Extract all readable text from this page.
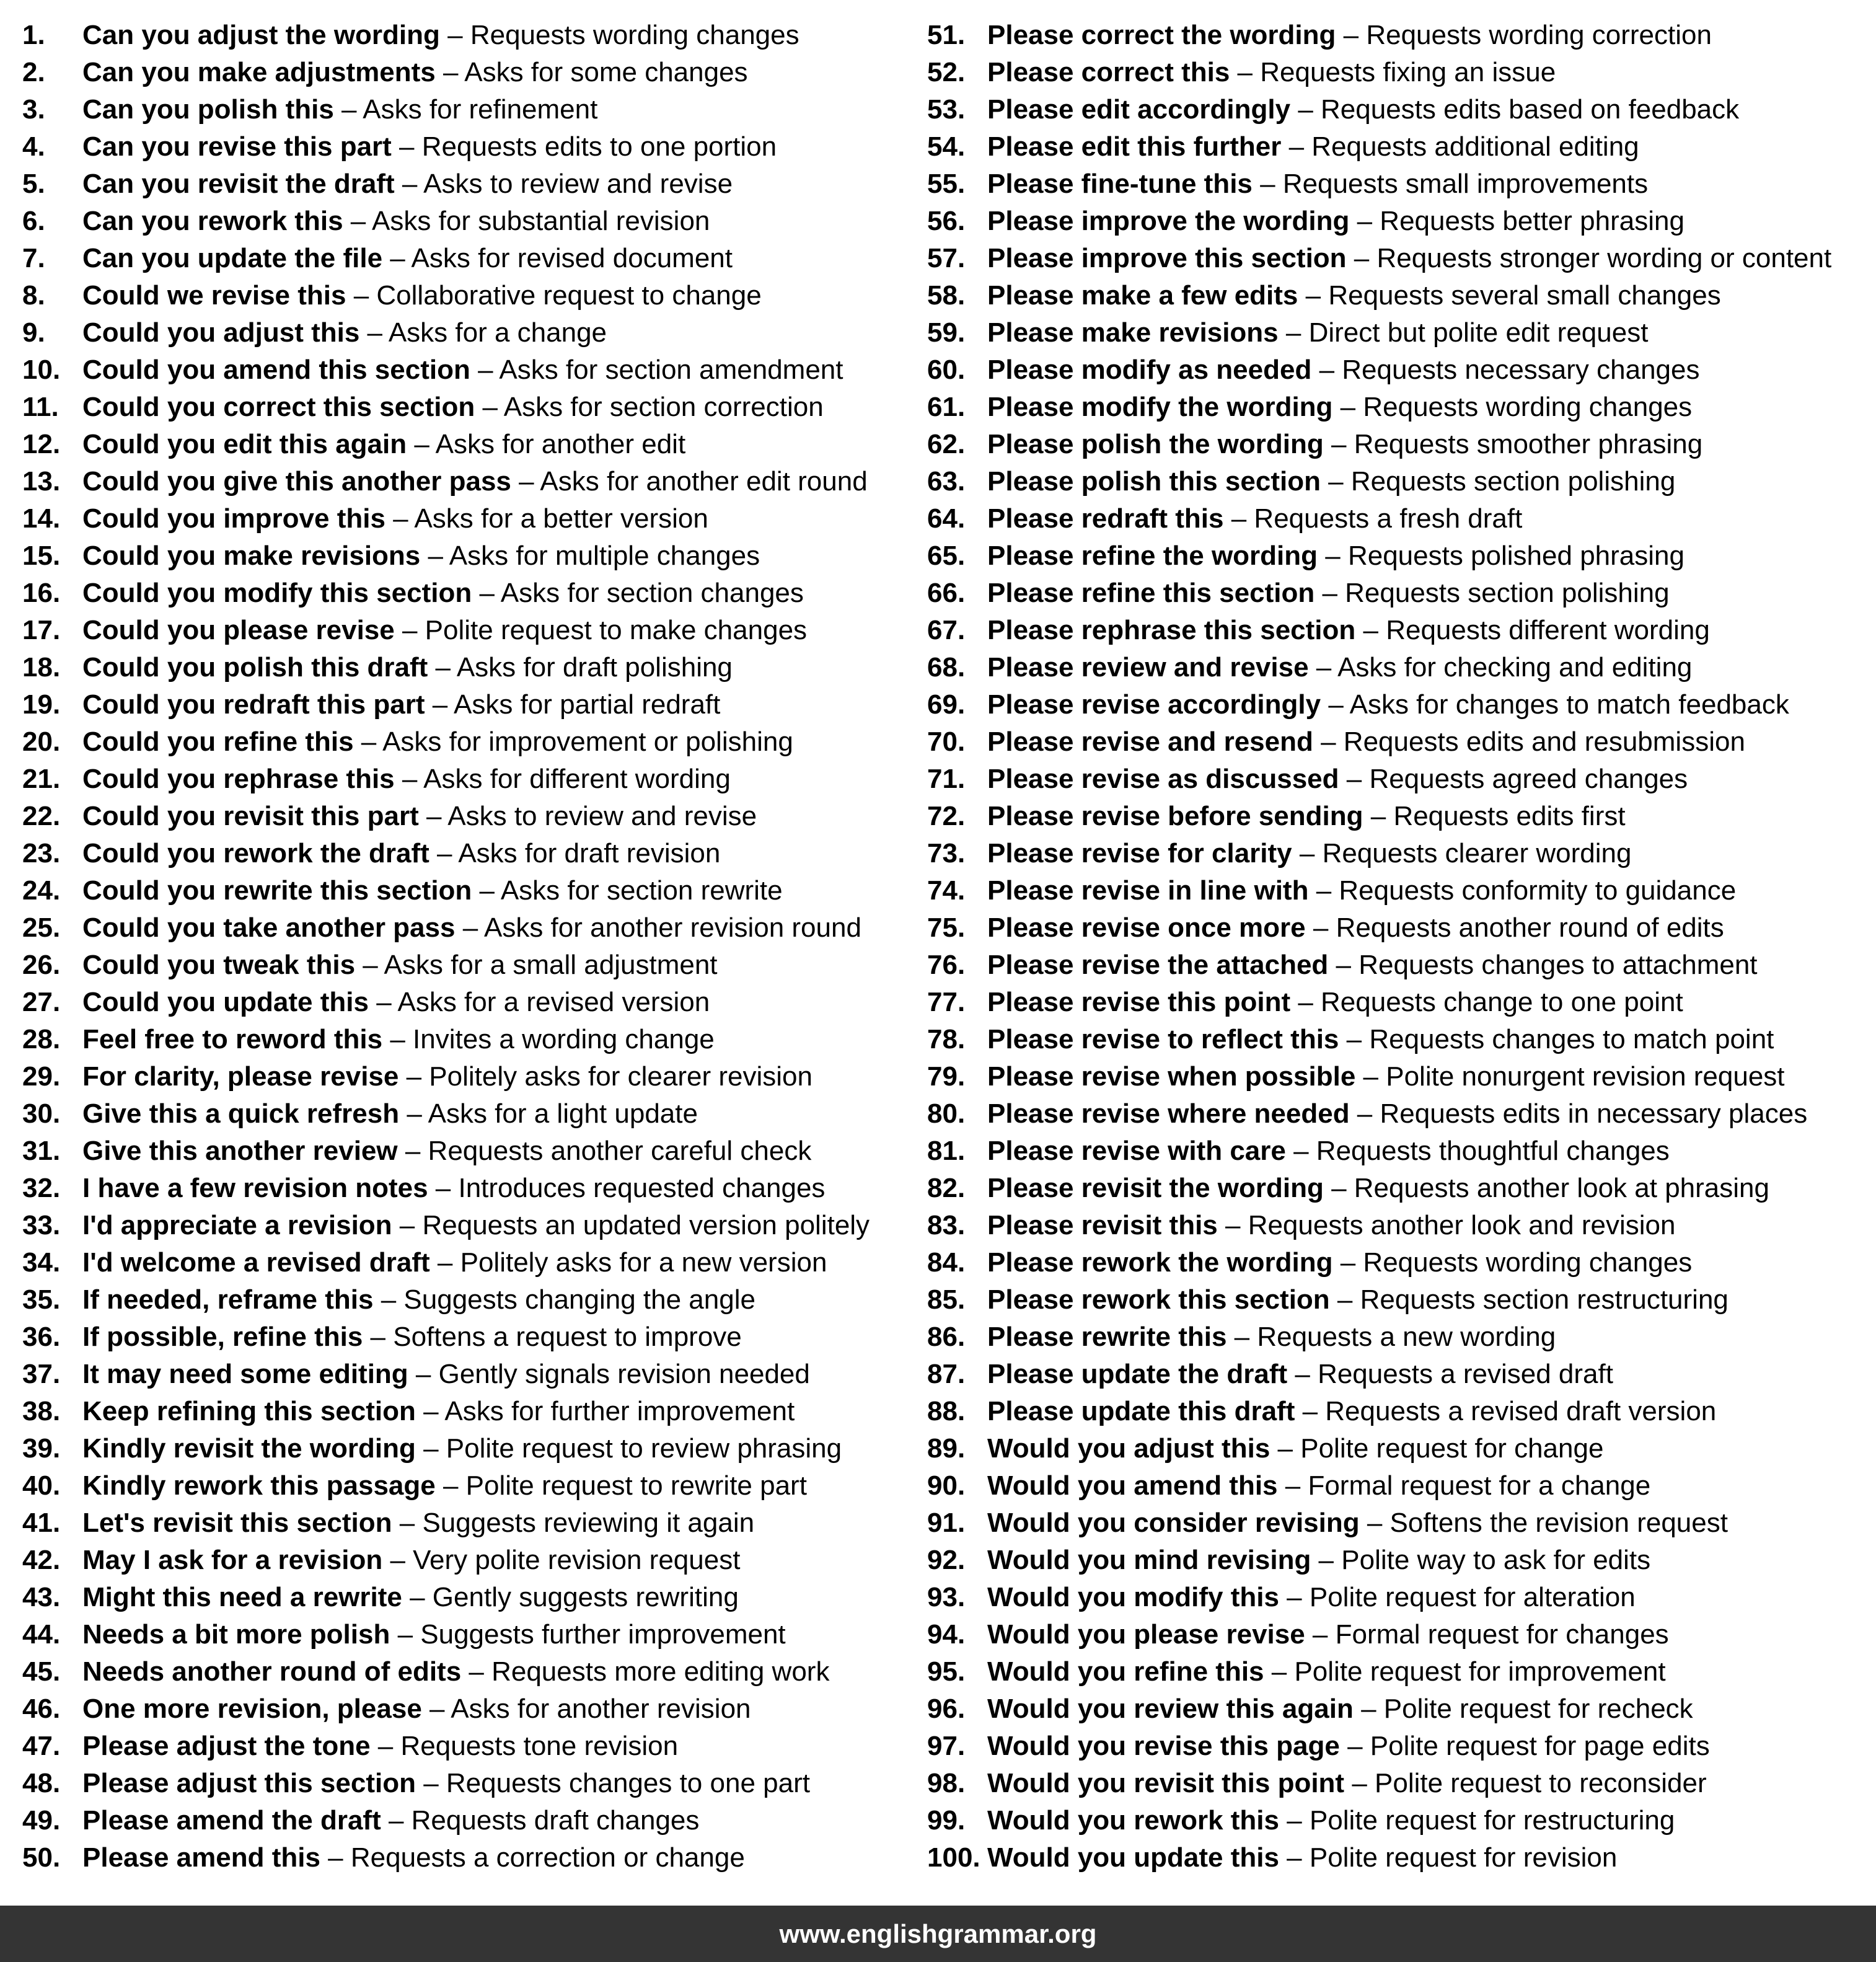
1.	Can you adjust the wording – Requests wording changes
2.	Can you make adjustments – Asks for some changes
3.	Can you polish this – Asks for refinement
4.	Can you revise this part – Requests edits to one portion
5.	Can you revisit the draft – Asks to review and revise
6.	Can you rework this – Asks for substantial revision
7.	Can you update the file – Asks for revised document
8.	Could we revise this – Collaborative request to change
9.	Could you adjust this – Asks for a change
10. Could you amend this section – Asks for section amendment
11. Could you correct this section – Asks for section correction
12. Could you edit this again – Asks for another edit
13. Could you give this another pass – Asks for another edit round
14. Could you improve this – Asks for a better version
15. Could you make revisions – Asks for multiple changes
16. Could you modify this section – Asks for section changes
17. Could you please revise – Polite request to make changes
18. Could you polish this draft – Asks for draft polishing
19. Could you redraft this part – Asks for partial redraft
20. Could you refine this – Asks for improvement or polishing
21. Could you rephrase this – Asks for different wording
22. Could you revisit this part – Asks to review and revise
23. Could you rework the draft – Asks for draft revision
24. Could you rewrite this section – Asks for section rewrite
25. Could you take another pass – Asks for another revision round
26. Could you tweak this – Asks for a small adjustment
27. Could you update this – Asks for a revised version
28. Feel free to reword this – Invites a wording change
29. For clarity, please revise – Politely asks for clearer revision
30. Give this a quick refresh – Asks for a light update
31. Give this another review – Requests another careful check
32. I have a few revision notes – Introduces requested changes
33. I'd appreciate a revision – Requests an updated version politely
34. I'd welcome a revised draft – Politely asks for a new version
35. If needed, reframe this – Suggests changing the angle
36. If possible, refine this – Softens a request to improve
37. It may need some editing – Gently signals revision needed
38. Keep refining this section – Asks for further improvement
39. Kindly revisit the wording – Polite request to review phrasing
40. Kindly rework this passage – Polite request to rewrite part
41. Let's revisit this section – Suggests reviewing it again
42. May I ask for a revision – Very polite revision request
43. Might this need a rewrite – Gently suggests rewriting
44. Needs a bit more polish – Suggests further improvement
45. Needs another round of edits – Requests more editing work
46. One more revision, please – Asks for another revision
47. Please adjust the tone – Requests tone revision
48. Please adjust this section – Requests changes to one part
49. Please amend the draft – Requests draft changes
50. Please amend this – Requests a correction or change
51. Please correct the wording – Requests wording correction
52. Please correct this – Requests fixing an issue
53. Please edit accordingly – Requests edits based on feedback
54. Please edit this further – Requests additional editing
55. Please fine-tune this – Requests small improvements
56. Please improve the wording – Requests better phrasing
57. Please improve this section – Requests stronger wording or content
58. Please make a few edits – Requests several small changes
59. Please make revisions – Direct but polite edit request
60. Please modify as needed – Requests necessary changes
61. Please modify the wording – Requests wording changes
62. Please polish the wording – Requests smoother phrasing
63. Please polish this section – Requests section polishing
64. Please redraft this – Requests a fresh draft
65. Please refine the wording – Requests polished phrasing
66. Please refine this section – Requests section polishing
67. Please rephrase this section – Requests different wording
68. Please review and revise – Asks for checking and editing
69. Please revise accordingly – Asks for changes to match feedback
70. Please revise and resend – Requests edits and resubmission
71. Please revise as discussed – Requests agreed changes
72. Please revise before sending – Requests edits first
73. Please revise for clarity – Requests clearer wording
74. Please revise in line with – Requests conformity to guidance
75. Please revise once more – Requests another round of edits
76. Please revise the attached – Requests changes to attachment
77. Please revise this point – Requests change to one point
78. Please revise to reflect this – Requests changes to match point
79. Please revise when possible – Polite nonurgent revision request
80. Please revise where needed – Requests edits in necessary places
81. Please revise with care – Requests thoughtful changes
82. Please revisit the wording – Requests another look at phrasing
83. Please revisit this – Requests another look and revision
84. Please rework the wording – Requests wording changes
85. Please rework this section – Requests section restructuring
86. Please rewrite this – Requests a new wording
87. Please update the draft – Requests a revised draft
88. Please update this draft – Requests a revised draft version
89. Would you adjust this – Polite request for change
90. Would you amend this – Formal request for a change
91. Would you consider revising – Softens the revision request
92. Would you mind revising – Polite way to ask for edits
93. Would you modify this – Polite request for alteration
94. Would you please revise – Formal request for changes
95. Would you refine this – Polite request for improvement
96. Would you review this again – Polite request for recheck
97. Would you revise this page – Polite request for page edits
98. Would you revisit this point – Polite request to reconsider
99. Would you rework this – Polite request for restructuring
100. Would you update this – Polite request for revision
www.englishgrammar.org
